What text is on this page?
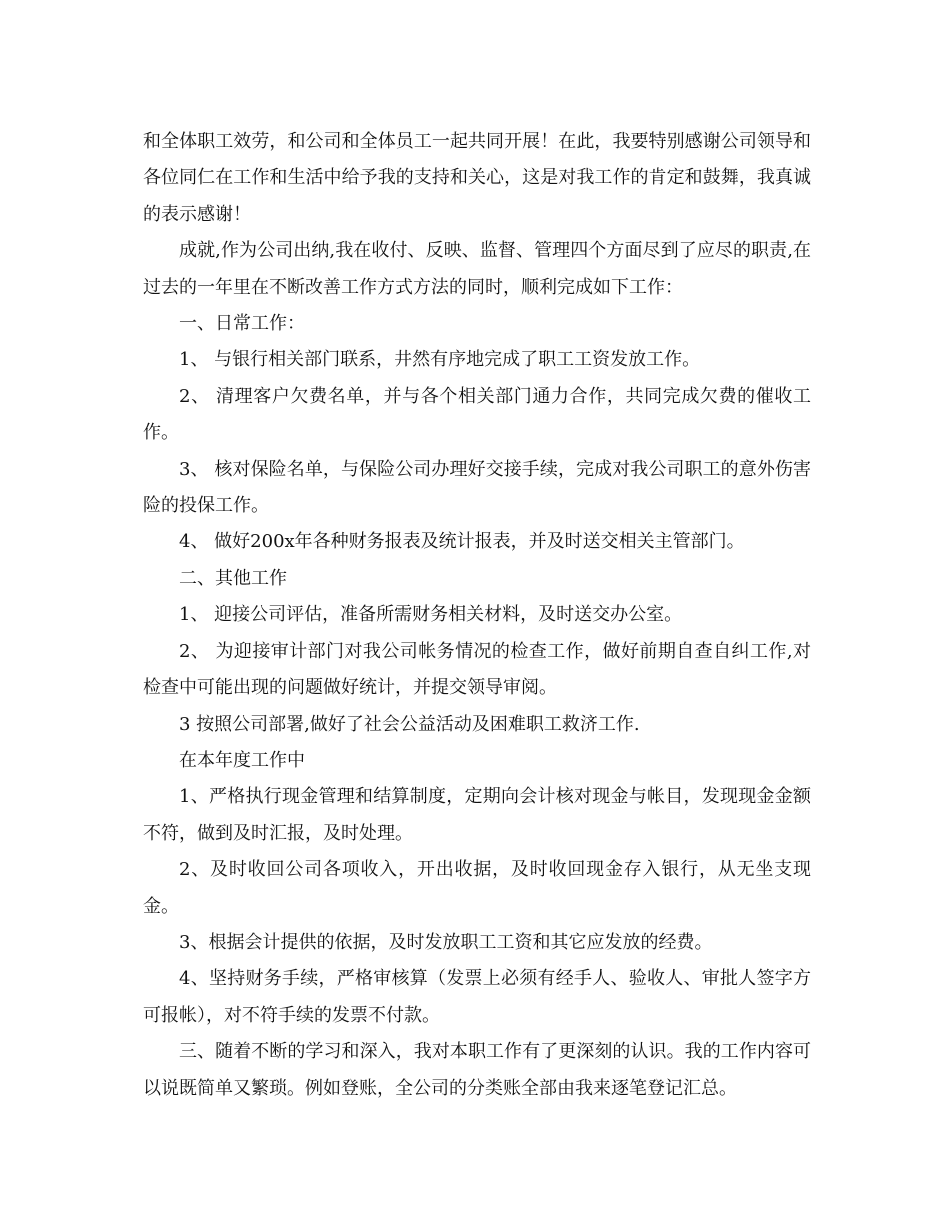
和全体职工效劳，和公司和全体员工一起共同开展！在此，我要特别感谢公司领导和各位同仁在工作和生活中给予我的支持和关心，这是对我工作的肯定和鼓舞，我真诚的表示感谢！

成就,作为公司出纳,我在收付、反映、监督、管理四个方面尽到了应尽的职责,在过去的一年里在不断改善工作方式方法的同时，顺利完成如下工作：

一、日常工作：

1、 与银行相关部门联系，井然有序地完成了职工工资发放工作。

2、 清理客户欠费名单，并与各个相关部门通力合作，共同完成欠费的催收工作。

3、 核对保险名单，与保险公司办理好交接手续，完成对我公司职工的意外伤害险的投保工作。

4、 做好200x年各种财务报表及统计报表，并及时送交相关主管部门。

二、其他工作

1、 迎接公司评估，准备所需财务相关材料，及时送交办公室。

2、 为迎接审计部门对我公司帐务情况的检查工作，做好前期自查自纠工作,对检查中可能出现的问题做好统计，并提交领导审阅。

3 按照公司部署,做好了社会公益活动及困难职工救济工作.

在本年度工作中

1、严格执行现金管理和结算制度，定期向会计核对现金与帐目，发现现金金额不符，做到及时汇报，及时处理。

2、及时收回公司各项收入，开出收据，及时收回现金存入银行，从无坐支现金。

3、根据会计提供的依据，及时发放职工工资和其它应发放的经费。

4、坚持财务手续，严格审核算（发票上必须有经手人、验收人、审批人签字方可报帐），对不符手续的发票不付款。

三、随着不断的学习和深入，我对本职工作有了更深刻的认识。我的工作内容可以说既简单又繁琐。例如登账，全公司的分类账全部由我来逐笔登记汇总。
